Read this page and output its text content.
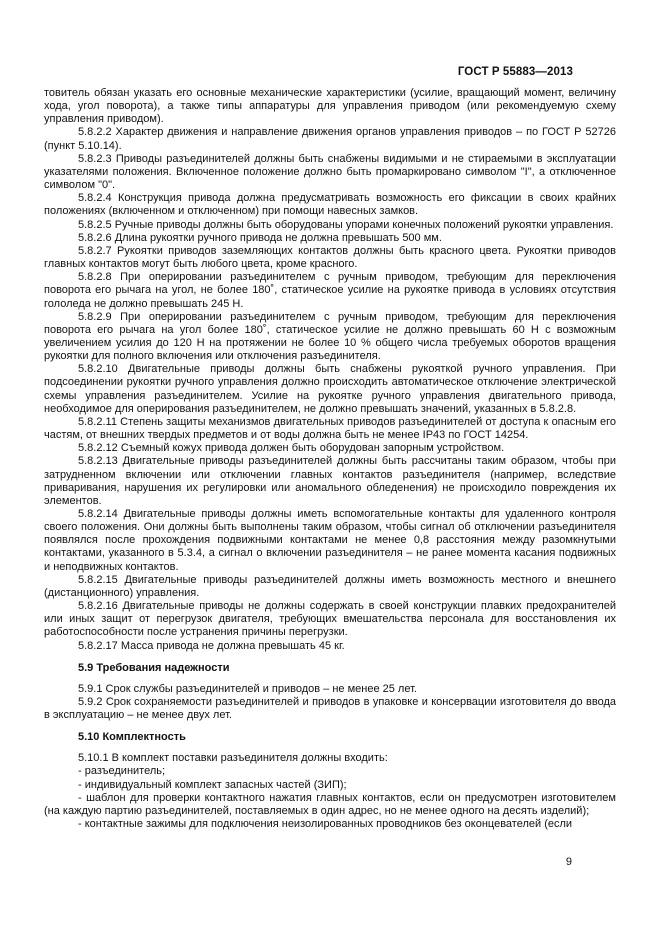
ГОСТ Р 55883—2013

товитель обязан указать его основные механические характеристики (усилие, вращающий момент, величину хода, угол поворота), а также типы аппаратуры для управления приводом (или рекомендуемую схему управления приводом).

5.8.2.2 Характер движения и направление движения органов управления приводов – по ГОСТ Р 52726 (пункт 5.10.14).

5.8.2.3 Приводы разъединителей должны быть снабжены видимыми и не стираемыми в эксплуатации указателями положения. Включенное положение должно быть промаркировано символом "I", а отключенное символом "0".

5.8.2.4 Конструкция привода должна предусматривать возможность его фиксации в своих крайних положениях (включенном и отключенном) при помощи навесных замков.

5.8.2.5 Ручные приводы должны быть оборудованы упорами конечных положений рукоятки управления.

5.8.2.6 Длина рукоятки ручного привода не должна превышать 500 мм.

5.8.2.7 Рукоятки приводов заземляющих контактов должны быть красного цвета. Рукоятки приводов главных контактов могут быть любого цвета, кроме красного.

5.8.2.8 При оперировании разъединителем с ручным приводом, требующим для переключения поворота его рычага на угол, не более 180˚, статическое усилие на рукоятке привода в условиях отсутствия гололеда не должно превышать 245 Н.

5.8.2.9 При оперировании разъединителем с ручным приводом, требующим для переключения поворота его рычага на угол более 180˚, статическое усилие не должно превышать 60 Н с возможным увеличением усилия до 120 Н на протяжении не более 10 % общего числа требуемых оборотов вращения рукоятки для полного включения или отключения разъединителя.

5.8.2.10 Двигательные приводы должны быть снабжены рукояткой ручного управления. При подсоединении рукоятки ручного управления должно происходить автоматическое отключение электрической схемы управления разъединителем. Усилие на рукоятке ручного управления двигательного привода, необходимое для оперирования разъединителем, не должно превышать значений, указанных в 5.8.2.8.

5.8.2.11 Степень защиты механизмов двигательных приводов разъединителей от доступа к опасным его частям, от внешних твердых предметов и от воды должна быть не менее IP43 по ГОСТ 14254.

5.8.2.12 Съемный кожух привода должен быть оборудован запорным устройством.

5.8.2.13 Двигательные приводы разъединителей должны быть рассчитаны таким образом, чтобы при затрудненном включении или отключении главных контактов разъединителя (например, вследствие приваривания, нарушения их регулировки или аномального обледенения) не происходило повреждения их элементов.

5.8.2.14 Двигательные приводы должны иметь вспомогательные контакты для удаленного контроля своего положения. Они должны быть выполнены таким образом, чтобы сигнал об отключении разъединителя появлялся после прохождения подвижными контактами не менее 0,8 расстояния между разомкнутыми контактами, указанного в 5.3.4, а сигнал о включении разъединителя – не ранее момента касания подвижных и неподвижных контактов.

5.8.2.15 Двигательные приводы разъединителей должны иметь возможность местного и внешнего (дистанционного) управления.

5.8.2.16 Двигательные приводы не должны содержать в своей конструкции плавких предохранителей или иных защит от перегрузок двигателя, требующих вмешательства персонала для восстановления их работоспособности после устранения причины перегрузки.

5.8.2.17 Масса привода не должна превышать 45 кг.

5.9 Требования надежности

5.9.1 Срок службы разъединителей и приводов – не менее 25 лет.

5.9.2 Срок сохраняемости разъединителей и приводов в упаковке и консервации изготовителя до ввода в эксплуатацию – не менее двух лет.

5.10 Комплектность

5.10.1 В комплект поставки разъединителя должны входить:

- разъединитель;

- индивидуальный комплект запасных частей (ЗИП);

- шаблон для проверки контактного нажатия главных контактов, если он предусмотрен изготовителем (на каждую партию разъединителей, поставляемых в один адрес, но не менее одного на десять изделий);

- контактные зажимы для подключения неизолированных проводников без оконцевателей (если

9
